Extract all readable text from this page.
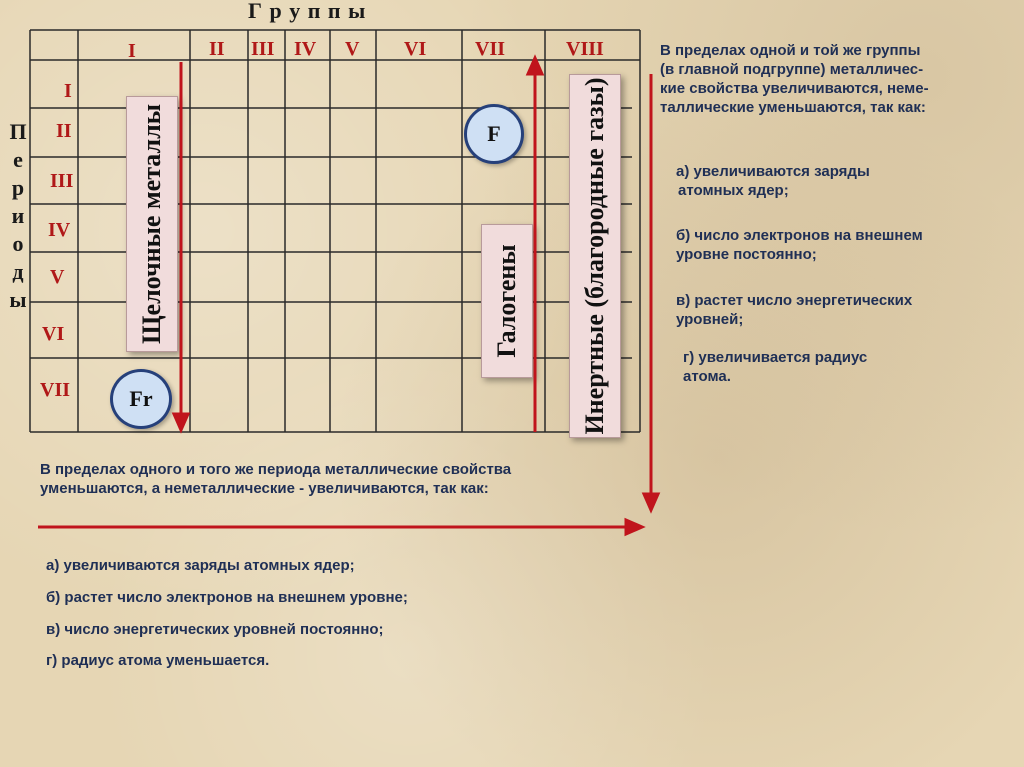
Г р у п п ы
П
е
р
и
о
д
ы
I	II III IV V VI VII	VIII
I
II
III
IV
V
VI
VII
Щелочные металлы	Галогены Инертные (благородные газы)
F
Fr
В пределах одной и той же группы
(в главной подгруппе) металличес-
кие свойства увеличиваются, неме-
таллические уменьшаются, так как:
а) увеличиваются заряды
атомных ядер;
б) число электронов на внешнем
уровне постоянно;
в) растет число энергетических
уровней;
г) увеличивается радиус
атома.
В пределах одного и того же периода металлические свойства
уменьшаются, а неметаллические - увеличиваются, так как:
а) увеличиваются заряды атомных ядер;
б) растет число электронов на внешнем уровне;
в) число энергетических уровней постоянно;
г) радиус атома уменьшается.
